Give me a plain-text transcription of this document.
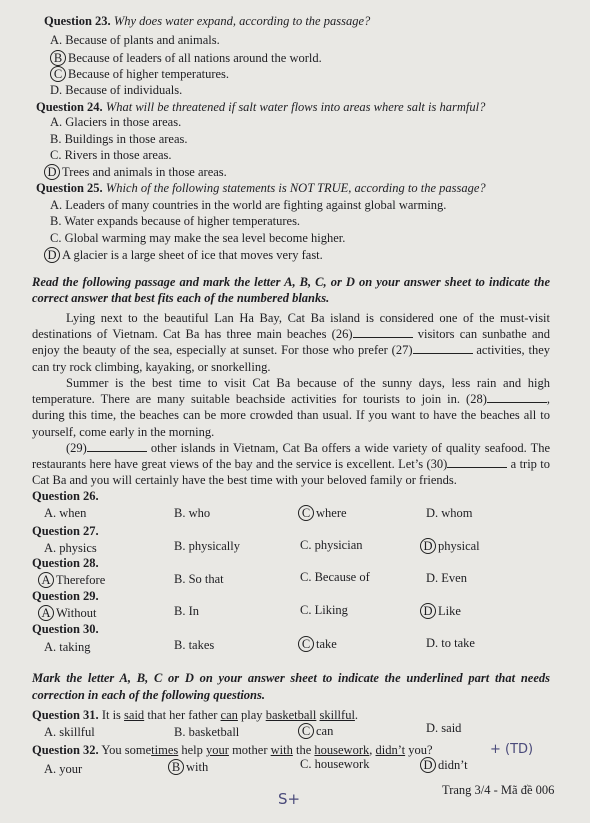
Question 23. Why does water expand, according to the passage?
A. Because of plants and animals.
B Because of leaders of all nations around the world.
C Because of higher temperatures.
D. Because of individuals.
Question 24. What will be threatened if salt water flows into areas where salt is harmful?
A. Glaciers in those areas.
B. Buildings in those areas.
C. Rivers in those areas.
D Trees and animals in those areas.
Question 25. Which of the following statements is NOT TRUE, according to the passage?
A. Leaders of many countries in the world are fighting against global warming.
B. Water expands because of higher temperatures.
C. Global warming may make the sea level become higher.
D A glacier is a large sheet of ice that moves very fast.
Read the following passage and mark the letter A, B, C, or D on your answer sheet to indicate the correct answer that best fits each of the numbered blanks.
Lying next to the beautiful Lan Ha Bay, Cat Ba island is considered one of the must-visit destinations of Vietnam. Cat Ba has three main beaches (26)	visitors can sunbathe and enjoy the beauty of the sea, especially at sunset. For those who prefer (27)	activities, they can try rock climbing, kayaking, or snorkelling.
Summer is the best time to visit Cat Ba because of the sunny days, less rain and high temperature. There are many suitable beachside activities for tourists to join in. (28)	, during this time, the beaches can be more crowded than usual. If you want to have the beaches all to yourself, come early in the morning.
(29)	other islands in Vietnam, Cat Ba offers a wide variety of quality seafood. The restaurants here have great views of the bay and the service is excellent. Let’s (30)	a trip to Cat Ba and you will certainly have the best time with your beloved family or friends.
Question 26.
A. when	B. who	C where	D. whom
Question 27.
A. physics	B. physically	C. physician	D physical
Question 28.
A Therefore	B. So that	C. Because of	D. Even
Question 29.
A Without	B. In	C. Liking	D Like
Question 30.
A. taking	B. takes	C take	D. to take
Mark the letter A, B, C or D on your answer sheet to indicate the underlined part that needs correction in each of the following questions.
Question 31. It is said that her father can play basketball skillful.
A. skillful	B. basketball	C can	D. said
Question 32. You sometimes help your mother with the housework, didn’t you?	+ (TD)
A. your	B with	C. housework	D didn’t
Trang 3/4 - Mã đề 006
S+
